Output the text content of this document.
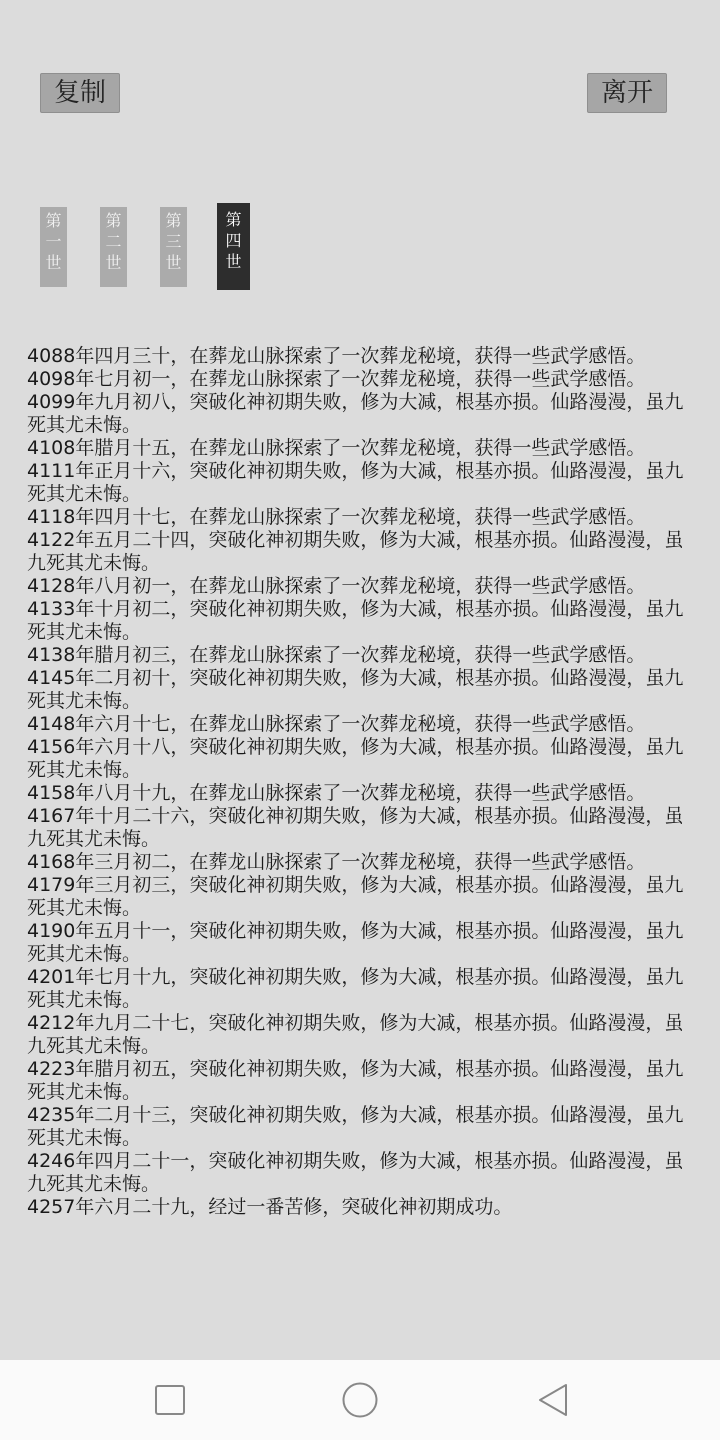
复制	离开
第
一
世
第
二
世
第
三
世
第
四
世

4088年四月三十，在葬龙山脉探索了一次葬龙秘境，获得一些武学感悟。

4098年七月初一，在葬龙山脉探索了一次葬龙秘境，获得一些武学感悟。

4099年九月初八，突破化神初期失败，修为大减，根基亦损。仙路漫漫，虽九死其尤未悔。

4108年腊月十五，在葬龙山脉探索了一次葬龙秘境，获得一些武学感悟。

4111年正月十六，突破化神初期失败，修为大减，根基亦损。仙路漫漫，虽九死其尤未悔。

4118年四月十七，在葬龙山脉探索了一次葬龙秘境，获得一些武学感悟。

4122年五月二十四，突破化神初期失败，修为大减，根基亦损。仙路漫漫，虽九死其尤未悔。

4128年八月初一，在葬龙山脉探索了一次葬龙秘境，获得一些武学感悟。

4133年十月初二，突破化神初期失败，修为大减，根基亦损。仙路漫漫，虽九死其尤未悔。

4138年腊月初三，在葬龙山脉探索了一次葬龙秘境，获得一些武学感悟。

4145年二月初十，突破化神初期失败，修为大减，根基亦损。仙路漫漫，虽九死其尤未悔。

4148年六月十七，在葬龙山脉探索了一次葬龙秘境，获得一些武学感悟。

4156年六月十八，突破化神初期失败，修为大减，根基亦损。仙路漫漫，虽九死其尤未悔。

4158年八月十九，在葬龙山脉探索了一次葬龙秘境，获得一些武学感悟。

4167年十月二十六，突破化神初期失败，修为大减，根基亦损。仙路漫漫，虽九死其尤未悔。

4168年三月初二，在葬龙山脉探索了一次葬龙秘境，获得一些武学感悟。

4179年三月初三，突破化神初期失败，修为大减，根基亦损。仙路漫漫，虽九死其尤未悔。

4190年五月十一，突破化神初期失败，修为大减，根基亦损。仙路漫漫，虽九死其尤未悔。

4201年七月十九，突破化神初期失败，修为大减，根基亦损。仙路漫漫，虽九死其尤未悔。

4212年九月二十七，突破化神初期失败，修为大减，根基亦损。仙路漫漫，虽九死其尤未悔。

4223年腊月初五，突破化神初期失败，修为大减，根基亦损。仙路漫漫，虽九死其尤未悔。

4235年二月十三，突破化神初期失败，修为大减，根基亦损。仙路漫漫，虽九死其尤未悔。

4246年四月二十一，突破化神初期失败，修为大减，根基亦损。仙路漫漫，虽九死其尤未悔。

4257年六月二十九，经过一番苦修，突破化神初期成功。
